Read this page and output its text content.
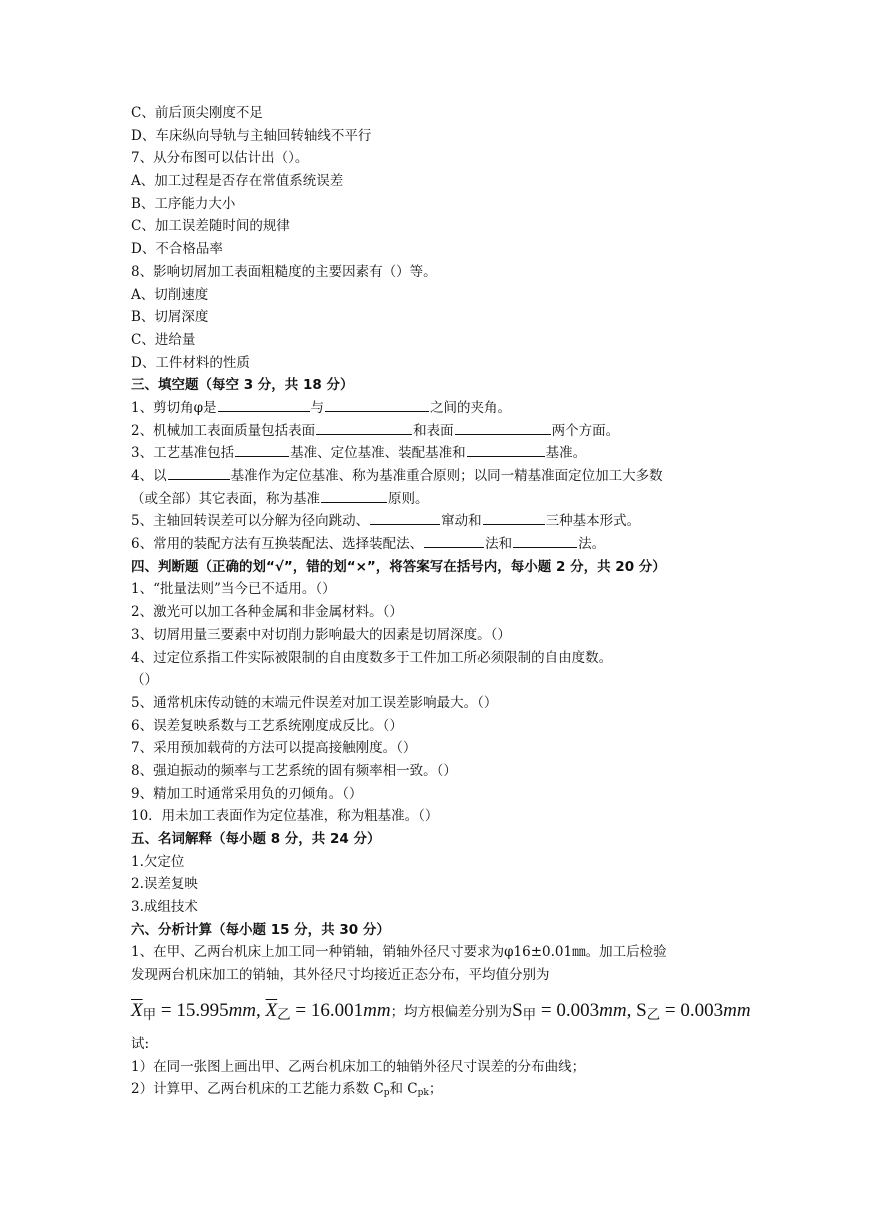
C、前后顶尖刚度不足
D、车床纵向导轨与主轴回转轴线不平行
7、从分布图可以估计出（）。
A、加工过程是否存在常值系统误差
B、工序能力大小
C、加工误差随时间的规律
D、不合格品率
8、影响切屑加工表面粗糙度的主要因素有（）等。
A、切削速度
B、切屑深度
C、进给量
D、工件材料的性质
三、填空题（每空 3 分，共 18 分）
1、剪切角φ是	与	之间的夹角。
2、机械加工表面质量包括表面	和表面	两个方面。
3、工艺基准包括	基准、定位基准、装配基准和	基准。
4、以	基准作为定位基准、称为基准重合原则；以同一精基准面定位加工大多数
（或全部）其它表面，称为基准	原则。
5、主轴回转误差可以分解为径向跳动、	窜动和	三种基本形式。
6、常用的装配方法有互换装配法、选择装配法、	法和	法。
四、判断题（正确的划“√”，错的划“×”，将答案写在括号内，每小题 2 分，共 20 分）
1、“批量法则”当今已不适用。（）
2、激光可以加工各种金属和非金属材料。（）
3、切屑用量三要素中对切削力影响最大的因素是切屑深度。（）
4、过定位系指工件实际被限制的自由度数多于工件加工所必须限制的自由度数。
（）
5、通常机床传动链的末端元件误差对加工误差影响最大。（）
6、误差复映系数与工艺系统刚度成反比。（）
7、采用预加载荷的方法可以提高接触刚度。（）
8、强迫振动的频率与工艺系统的固有频率相一致。（）
9、精加工时通常采用负的刃倾角。（）
10．用未加工表面作为定位基准，称为粗基准。（）
五、名词解释（每小题 8 分，共 24 分）
1.欠定位
2.误差复映
3.成组技术
六、分析计算（每小题 15 分，共 30 分）
1、在甲、乙两台机床上加工同一种销轴，销轴外径尺寸要求为φ16±0.01㎜。加工后检验
发现两台机床加工的销轴，其外径尺寸均接近正态分布，平均值分别为
$\overline{X}_甲 = 15.995mm$, $\overline{X}_乙 = 16.001mm$；均方根偏差分别为$S_甲 = 0.003mm$, $S_乙 = 0.003mm$
试:
1）在同一张图上画出甲、乙两台机床加工的轴销外径尺寸误差的分布曲线；
2）计算甲、乙两台机床的工艺能力系数 Cp和 Cpk；
